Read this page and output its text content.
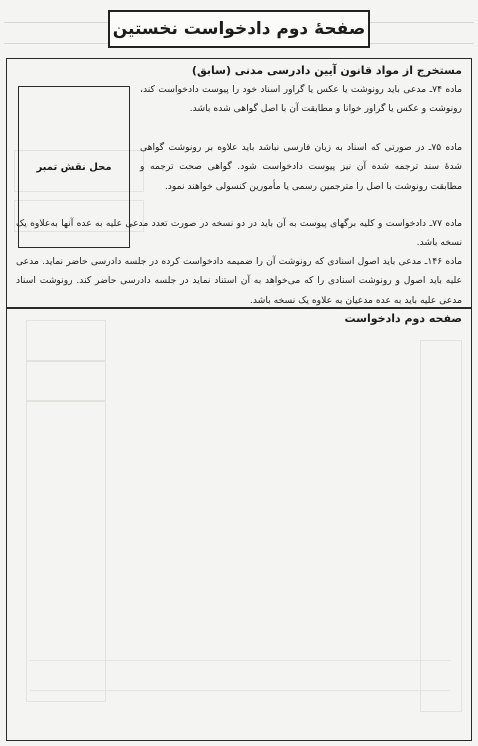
صفحهٔ دوم دادخواست نخستین
محل نقش تمبر
مستخرج از مواد قانون آیین دادرسی مدنی (سابق)
ماده ۷۴ـ مدعی باید رونوشت یا عکس یا گراور اسناد خود را پیوست دادخواست کند، رونوشت و عکس یا گراور خوانا و مطابقت آن با اصل گواهی شده باشد.
ماده ۷۵ـ در صورتی که اسناد به زبان فارسی نباشد باید علاوه بر رونوشت گواهی شدهٔ سند ترجمه شده آن نیز پیوست دادخواست شود. گواهی صحت ترجمه و مطابقت رونوشت با اصل را مترجمین رسمی یا مأمورین کنسولی خواهند نمود.
ماده ۷۷ـ دادخواست و کلیه برگهای پیوست به آن باید در دو نسخه در صورت تعدد مدعی علیه به عده آنها به‌علاوه یک نسخه باشد.
ماده ۱۴۶ـ مدعی باید اصول اسنادی که رونوشت آن را ضمیمه دادخواست کرده در جلسه دادرسی حاضر نماید. مدعی علیه باید اصول و رونوشت اسنادی را که می‌خواهد به آن استناد نماید در جلسه دادرسی حاضر کند. رونوشت اسناد مدعی علیه باید به عده مدعیان به علاوه یک نسخه باشد.
صفحه دوم دادخواست
